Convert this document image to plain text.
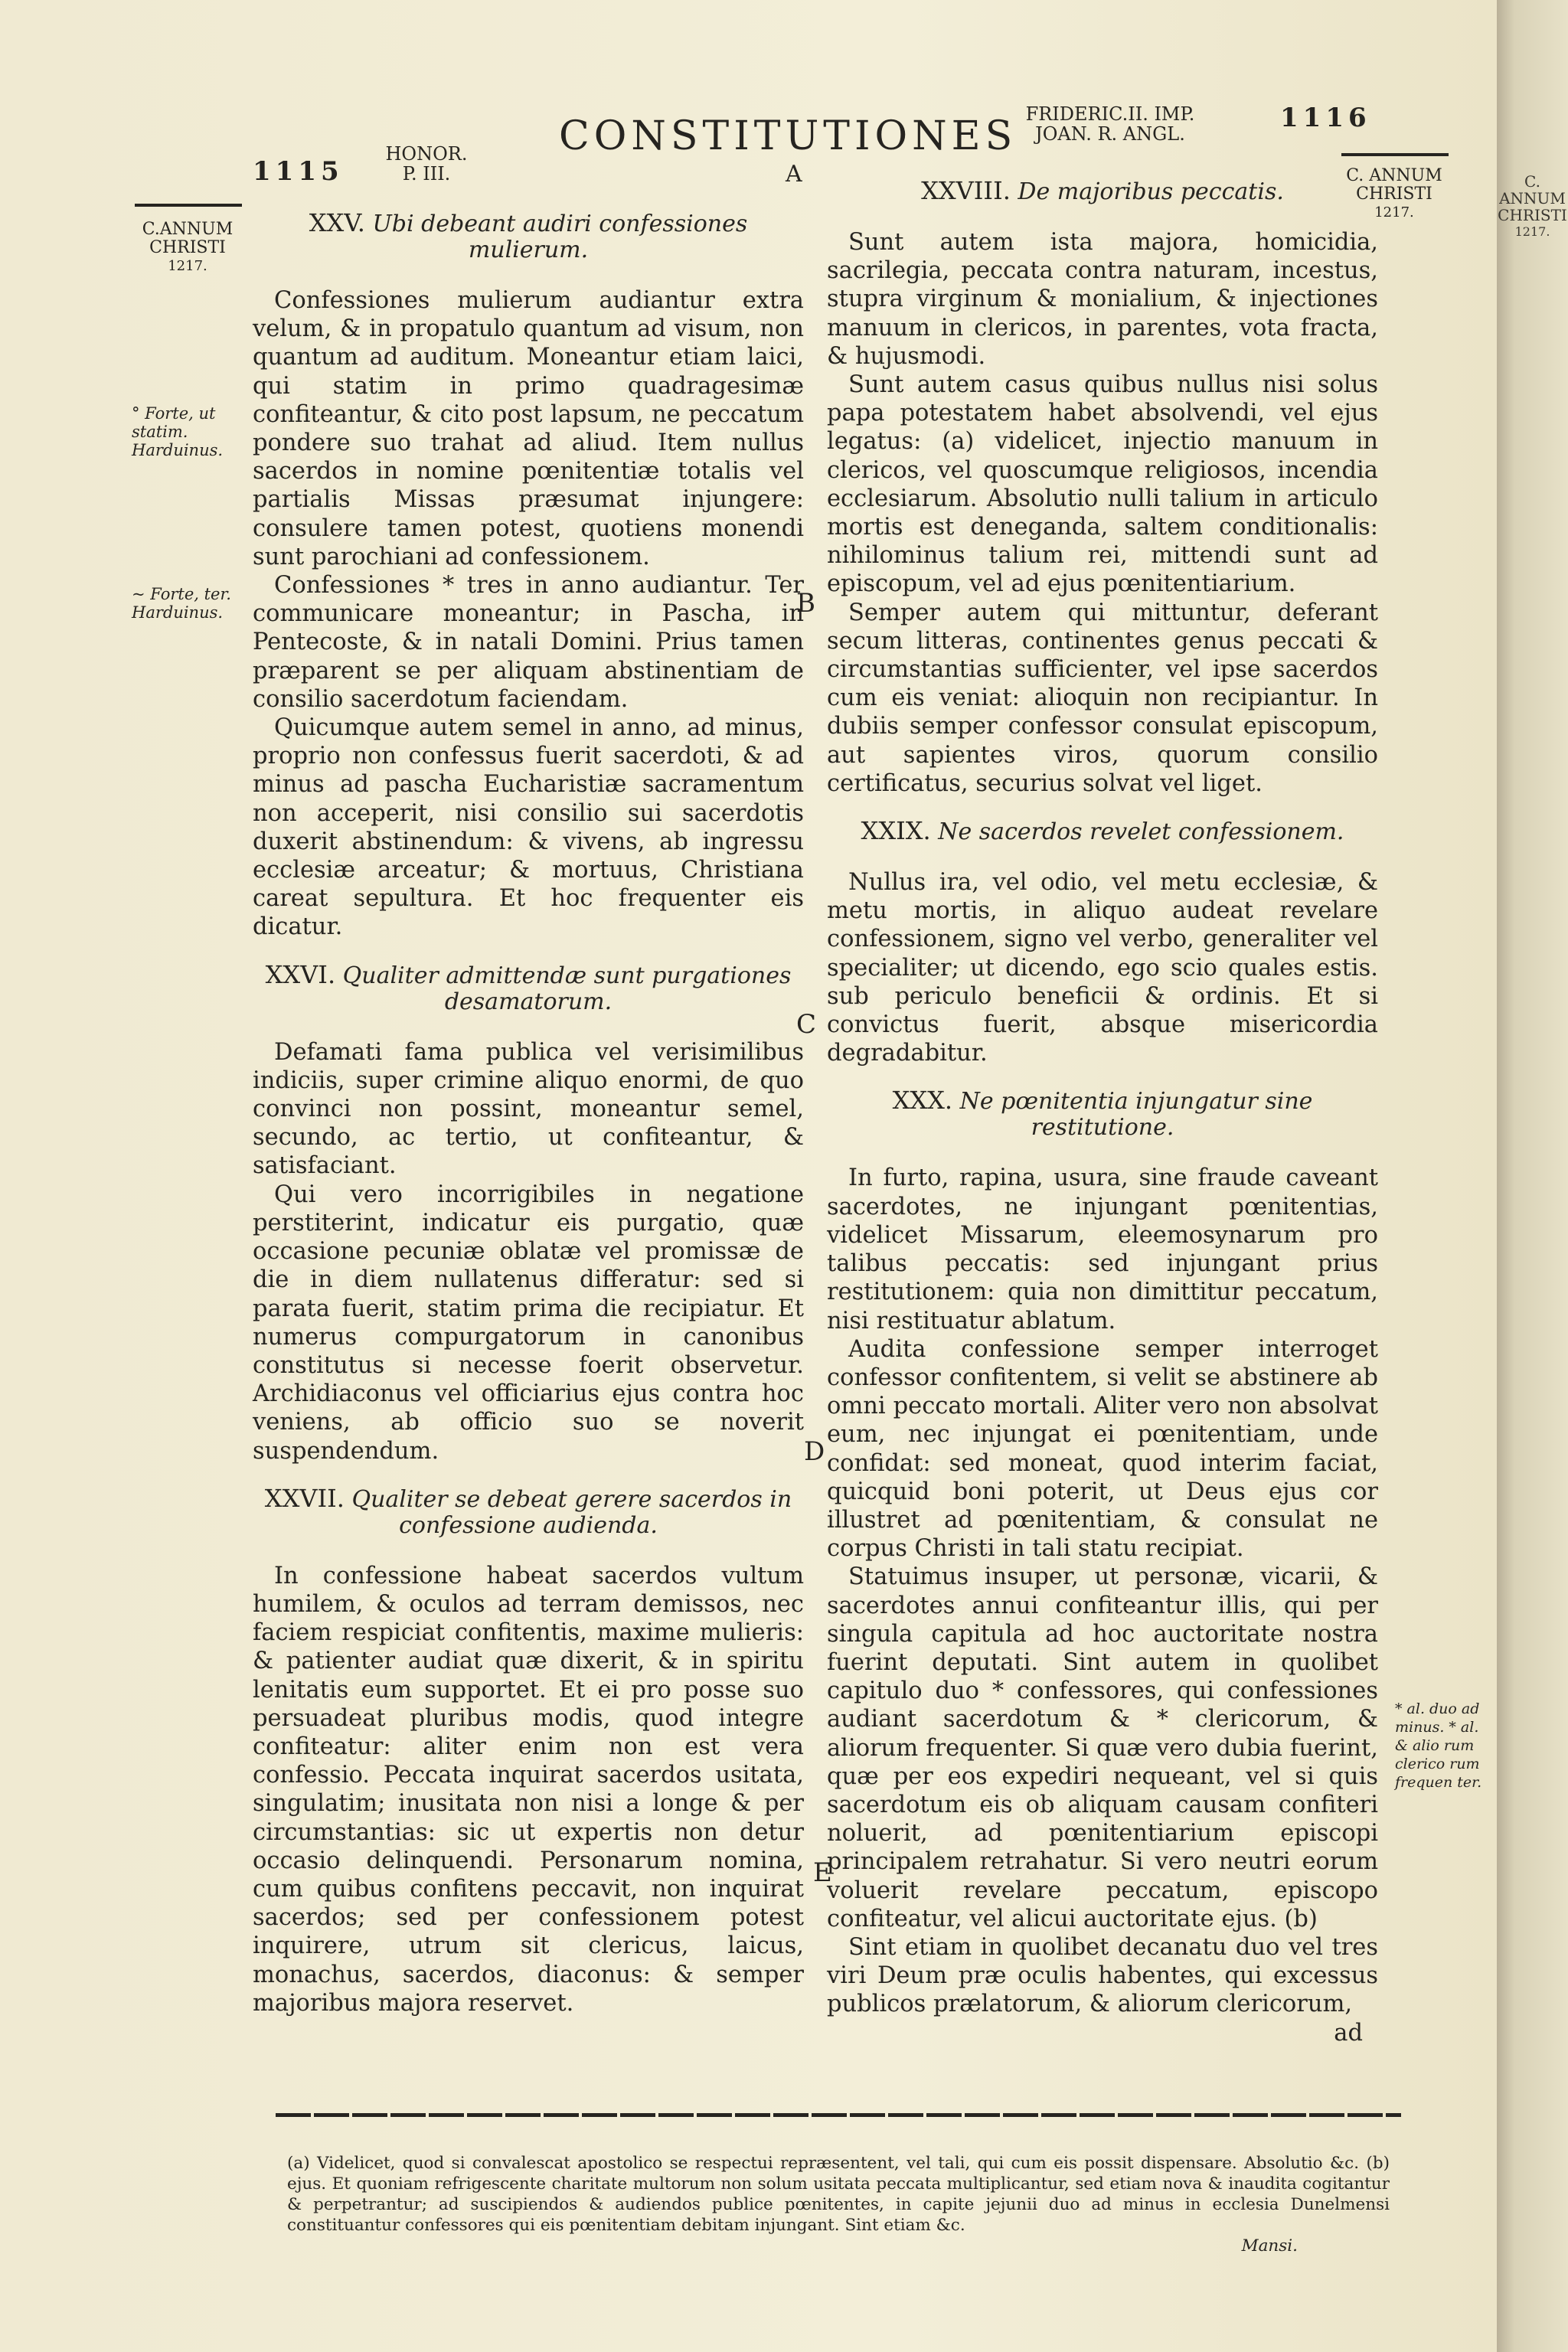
1115
HONOR.
P. III.
CONSTITUTIONES
A
FRIDERIC.II. IMP.
JOAN. R. ANGL.
1116
C.ANNUM
CHRISTI
1217.
C. ANNUM
CHRISTI
1217.
° Forte, ut statim. Harduinus.
~ Forte, ter. Harduinus.
* al. duo ad minus. * al. & alio rum clerico rum frequen ter.
B
C
D
E
XXV. Ubi debeant audiri confessiones mulierum.

Confessiones mulierum audiantur extra velum, & in propatulo quantum ad visum, non quantum ad auditum. Moneantur etiam laici, qui statim in primo quadragesimæ confiteantur, & cito post lapsum, ne peccatum pondere suo trahat ad aliud. Item nullus sacerdos in nomine pœnitentiæ totalis vel partialis Missas præsumat injungere: consulere tamen potest, quotiens monendi sunt parochiani ad confessionem.

Confessiones * tres in anno audiantur. Ter communicare moneantur; in Pascha, in Pentecoste, & in natali Domini. Prius tamen præparent se per aliquam abstinentiam de consilio sacerdotum faciendam.

Quicumque autem semel in anno, ad minus, proprio non confessus fuerit sacerdoti, & ad minus ad pascha Eucharistiæ sacramentum non acceperit, nisi consilio sui sacerdotis duxerit abstinendum: & vivens, ab ingressu ecclesiæ arceatur; & mortuus, Christiana careat sepultura. Et hoc frequenter eis dicatur.

XXVI. Qualiter admittendæ sunt purgationes desamatorum.

Defamati fama publica vel verisimilibus indiciis, super crimine aliquo enormi, de quo convinci non possint, moneantur semel, secundo, ac tertio, ut confiteantur, & satisfaciant.

Qui vero incorrigibiles in negatione perstiterint, indicatur eis purgatio, quæ occasione pecuniæ oblatæ vel promissæ de die in diem nullatenus differatur: sed si parata fuerit, statim prima die recipiatur. Et numerus compurgatorum in canonibus constitutus si necesse foerit observetur. Archidiaconus vel officiarius ejus contra hoc veniens, ab officio suo se noverit suspendendum.

XXVII. Qualiter se debeat gerere sacerdos in confessione audienda.

In confessione habeat sacerdos vultum humilem, & oculos ad terram demissos, nec faciem respiciat confitentis, maxime mulieris: & patienter audiat quæ dixerit, & in spiritu lenitatis eum supportet. Et ei pro posse suo persuadeat pluribus modis, quod integre confiteatur: aliter enim non est vera confessio. Peccata inquirat sacerdos usitata, singulatim; inusitata non nisi a longe & per circumstantias: sic ut expertis non detur occasio delinquendi. Personarum nomina, cum quibus confitens peccavit, non inquirat sacerdos; sed per confessionem potest inquirere, utrum sit clericus, laicus, monachus, sacerdos, diaconus: & semper majoribus majora reservet.

XXVIII. De majoribus peccatis.

Sunt autem ista majora, homicidia, sacrilegia, peccata contra naturam, incestus, stupra virginum & monialium, & injectiones manuum in clericos, in parentes, vota fracta, & hujusmodi.

Sunt autem casus quibus nullus nisi solus papa potestatem habet absolvendi, vel ejus legatus: (a) videlicet, injectio manuum in clericos, vel quoscumque religiosos, incendia ecclesiarum. Absolutio nulli talium in articulo mortis est deneganda, saltem conditionalis: nihilominus talium rei, mittendi sunt ad episcopum, vel ad ejus pœnitentiarium.

Semper autem qui mittuntur, deferant secum litteras, continentes genus peccati & circumstantias sufficienter, vel ipse sacerdos cum eis veniat: alioquin non recipiantur. In dubiis semper confessor consulat episcopum, aut sapientes viros, quorum consilio certificatus, securius solvat vel liget.

XXIX. Ne sacerdos revelet confessionem.

Nullus ira, vel odio, vel metu ecclesiæ, & metu mortis, in aliquo audeat revelare confessionem, signo vel verbo, generaliter vel specialiter; ut dicendo, ego scio quales estis. sub periculo beneficii & ordinis. Et si convictus fuerit, absque misericordia degradabitur.

XXX. Ne pœnitentia injungatur sine restitutione.

In furto, rapina, usura, sine fraude caveant sacerdotes, ne injungant pœnitentias, videlicet Missarum, eleemosynarum pro talibus peccatis: sed injungant prius restitutionem: quia non dimittitur peccatum, nisi restituatur ablatum.

Audita confessione semper interroget confessor confitentem, si velit se abstinere ab omni peccato mortali. Aliter vero non absolvat eum, nec injungat ei pœnitentiam, unde confidat: sed moneat, quod interim faciat, quicquid boni poterit, ut Deus ejus cor illustret ad pœnitentiam, & consulat ne corpus Christi in tali statu recipiat.

Statuimus insuper, ut personæ, vicarii, & sacerdotes annui confiteantur illis, qui per singula capitula ad hoc auctoritate nostra fuerint deputati. Sint autem in quolibet capitulo duo * confessores, qui confessiones audiant sacerdotum & * clericorum, & aliorum frequenter. Si quæ vero dubia fuerint, quæ per eos expediri nequeant, vel si quis sacerdotum eis ob aliquam causam confiteri noluerit, ad pœnitentiarium episcopi principalem retrahatur. Si vero neutri eorum voluerit revelare peccatum, episcopo confiteatur, vel alicui auctoritate ejus. (b)

Sint etiam in quolibet decanatu duo vel tres viri Deum præ oculis habentes, qui excessus publicos prælatorum, & aliorum clericorum,

ad

(a) Videlicet, quod si convalescat apostolico se respectui repræsentent, vel tali, qui cum eis possit dispensare. Absolutio &c. (b) ejus. Et quoniam refrigescente charitate multorum non solum usitata peccata multiplicantur, sed etiam nova & inaudita cogitantur & perpetrantur; ad suscipiendos & audiendos publice pœnitentes, in capite jejunii duo ad minus in ecclesia Dunelmensi constituantur confessores qui eis pœnitentiam debitam injungant. Sint etiam &c.

Mansi.

C. ANNUM
CHRISTI
1217.
